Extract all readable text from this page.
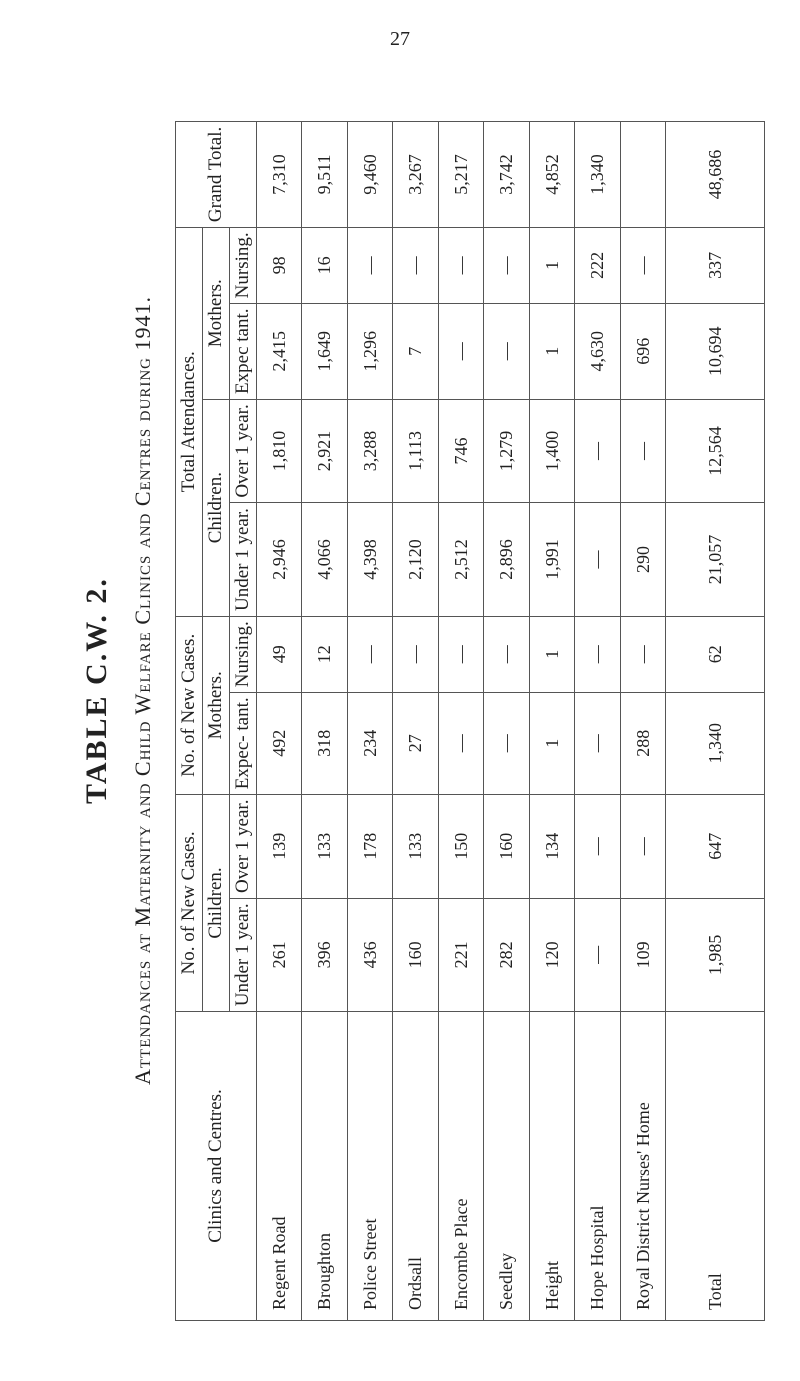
27
TABLE C.W. 2. Attendances at Maternity and Child Welfare Clinics and Centres during 1941.
Clinics and Centres.	No. of New Cases.		No. of New Cases.		Total Attendances.				Grand Total.
	Children.		Mothers.		Children.		Mothers.		
	Under 1 year.	Over 1 year.	Expec- tant.	Nursing.	Under 1 year.	Over 1 year.	Expec tant.	Nursing.	
Regent Road	261	139	492	49	2,946	1,810	2,415	98	7,310
Broughton	396	133	318	12	4,066	2,921	1,649	16	9,511
Police Street	436	178	234	—	4,398	3,288	1,296	—	9,460
Ordsall	160	133	27	—	2,120	1,113	7	—	3,267
Encombe Place	221	150	—	—	2,512	746	—	—	5,217
Seedley	282	160	—	—	2,896	1,279	—	—	3,742
Height	120	134	1	1	1,991	1,400	1	1	4,852
Hope Hospital	—	—	—	—	—	—	4,630	222	1,340
Royal District Nurses' Home	109	—	288	—	290	—	696	—	
Total	1,985	647	1,340	62	21,057	12,564	10,694	337	48,686
